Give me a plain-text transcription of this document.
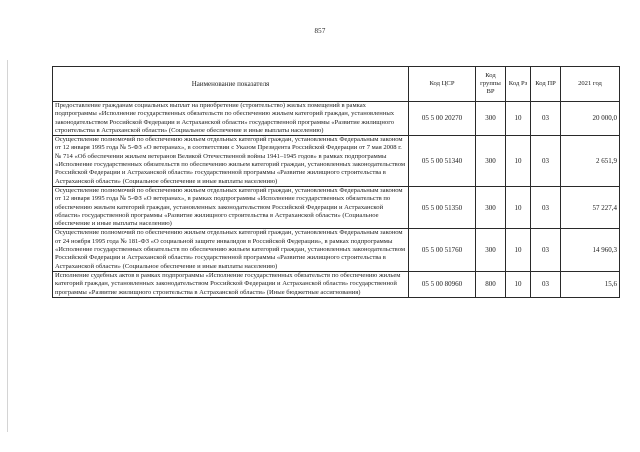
857
Наименование показателя	Код ЦСР	Код группы ВР	Код Рз	Код ПР	2021 год
Предоставление гражданам социальных выплат на приобретение (строительство) жилых помещений в рамках подпрограммы «Исполнение государственных обязательств по обеспечению жильем категорий граждан, установленных законодательством Российской Федерации и Астраханской области» государственной программы «Развитие жилищного строительства в Астраханской области» (Социальное обеспечение и иные выплаты населению)	05 5 00 20270	300	10	03	20 000,0
Осуществление полномочий по обеспечению жильем отдельных категорий граждан, установленных Федеральным законом от 12 января 1995 года № 5-ФЗ «О ветеранах», в соответствии с Указом Президента Российской Федерации от 7 мая 2008 г. № 714 «Об обеспечении жильем ветеранов Великой Отечественной войны 1941–1945 годов» в рамках подпрограммы «Исполнение государственных обязательств по обеспечению жильем категорий граждан, установленных законодательством Российской Федерации и Астраханской области» государственной программы «Развитие жилищного строительства в Астраханской области» (Социальное обеспечение и иные выплаты населению)	05 5 00 51340	300	10	03	2 651,9
Осуществление полномочий по обеспечению жильем отдельных категорий граждан, установленных Федеральным законом от 12 января 1995 года № 5-ФЗ «О ветеранах», в рамках подпрограммы «Исполнение государственных обязательств по обеспечению жильем категорий граждан, установленных законодательством Российской Федерации и Астраханской области» государственной программы «Развитие жилищного строительства в Астраханской области» (Социальное обеспечение и иные выплаты населению)	05 5 00 51350	300	10	03	57 227,4
Осуществление полномочий по обеспечению жильем отдельных категорий граждан, установленных Федеральным законом от 24 ноября 1995 года № 181-ФЗ «О социальной защите инвалидов в Российской Федерации», в рамках подпрограммы «Исполнение государственных обязательств по обеспечению жильем категорий граждан, установленных законодательством Российской Федерации и Астраханской области» государственной программы «Развитие жилищного строительства в Астраханской области» (Социальное обеспечение и иные выплаты населению)	05 5 00 51760	300	10	03	14 960,3
Исполнение судебных актов в рамках подпрограммы «Исполнение государственных обязательств по обеспечению жильем категорий граждан, установленных законодательством Российской Федерации и Астраханской области» государственной программы «Развитие жилищного строительства в Астраханской области» (Иные бюджетные ассигнования)	05 5 00 80960	800	10	03	15,6
